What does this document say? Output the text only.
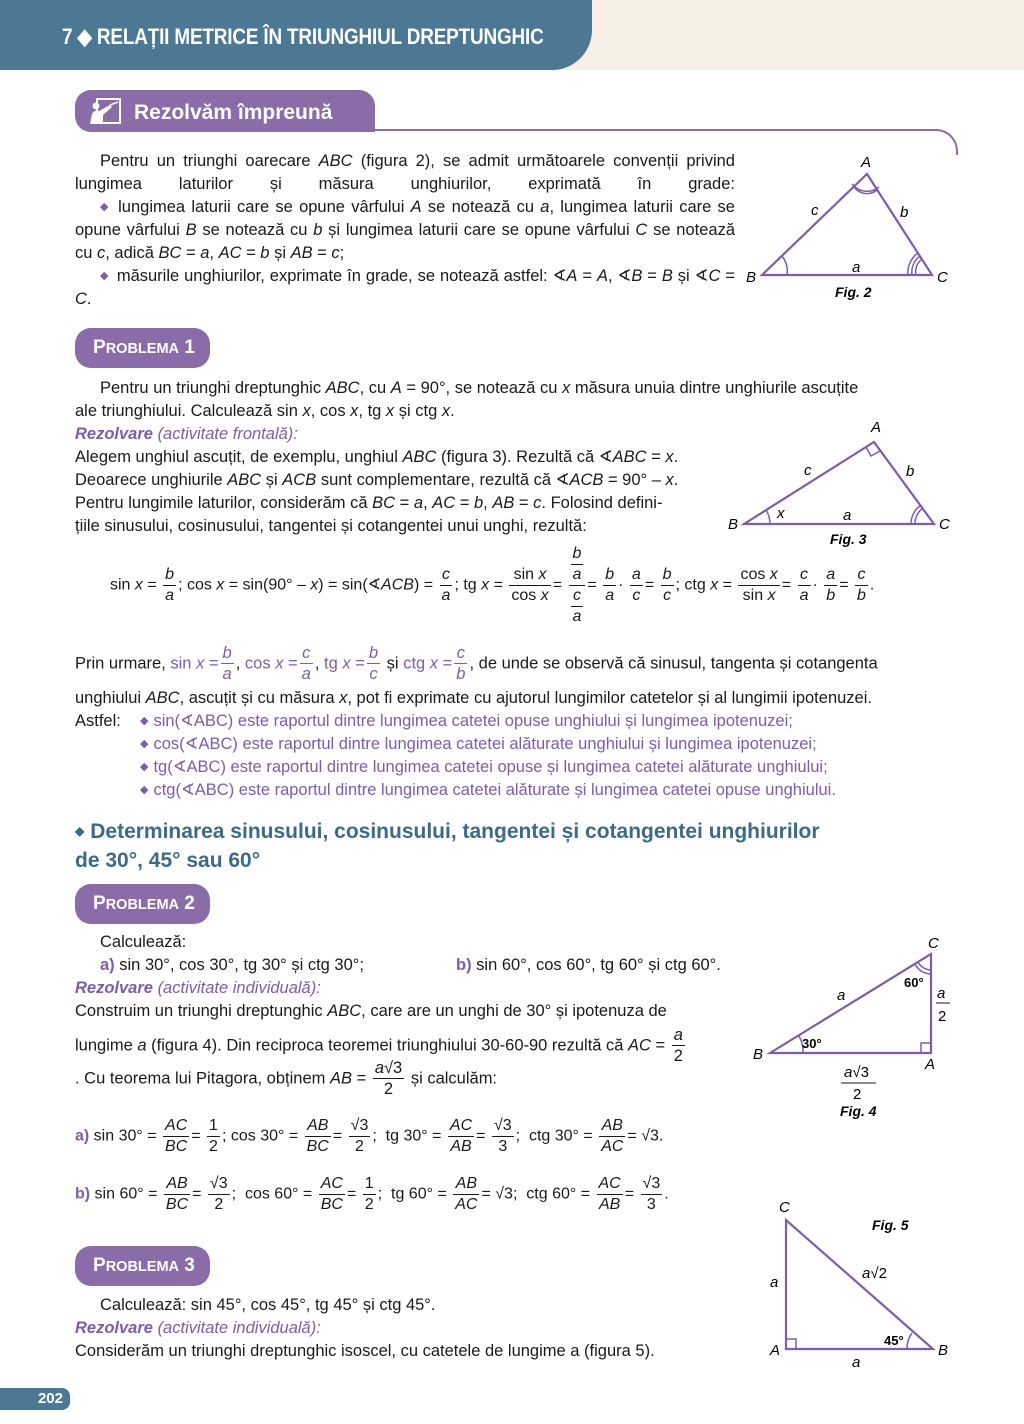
7 ◆ RELAȚII METRICE ÎN TRIUNGHIUL DREPTUNGHIC
Rezolvăm împreună
Pentru un triunghi oarecare ABC (figura 2), se admit următoarele convenții privind lungimea laturilor și măsura unghiurilor, exprimată în grade:
◆ lungimea laturii care se opune vârfului A se notează cu a, lungimea laturii care se opune vârfului B se notează cu b și lungimea laturii care se opune vârfului C se notează cu c, adică BC = a, AC = b și AB = c;
◆ măsurile unghiurilor, exprimate în grade, se notează astfel: ∢A = A, ∢B = B și ∢C = C.
A
B	C
c	b
a
Fig. 2
PROBLEMA 1
Pentru un triunghi dreptunghic ABC, cu A = 90°, se notează cu x măsura unuia dintre unghiurile ascuțite
ale triunghiului. Calculează sin x, cos x, tg x și ctg x.
Rezolvare (activitate frontală):
Alegem unghiul ascuțit, de exemplu, unghiul ABC (figura 3). Rezultă că ∢ABC = x.
Deoarece unghiurile ABC și ACB sunt complementare, rezultă că ∢ACB = 90° – x.
Pentru lungimile laturilor, considerăm că BC = a, AC = b, AB = c. Folosind defini-
țiile sinusului, cosinusului, tangentei și cotangentei unui unghi, rezultă:
A
B	C
c	b
a
x
Fig. 3
$\sin x = \frac{b}{a}$ ; cos x = sin(90° – x) = sin(∢ACB) = $\frac{c}{a}$ ; tg $x = \frac{\text{sin x}}{\text{cos x}} = \frac{\frac{b}{a}}{\frac{c}{a}} = \frac{b}{a} \cdot \frac{a}{c} = \frac{b}{c}$ ; ctg $x = \frac{\text{cos x}}{\text{sin x}} = \frac{c}{a} \cdot \frac{a}{b} = \frac{c}{b}$ .
Prin urmare, $\sin x = \frac{b}{a}$ , $\cos x = \frac{c}{a}$ , tg $x = \frac{b}{c}$ și ctg $x = \frac{c}{b}$ , de unde se observă că sinusul, tangenta și cotangenta
unghiului ABC, ascuțit și cu măsura x, pot fi exprimate cu ajutorul lungimilor catetelor și al lungimii ipotenuzei.
Astfel: ◆ sin(∢ABC) este raportul dintre lungimea catetei opuse unghiului și lungimea ipotenuzei;
◆ cos(∢ABC) este raportul dintre lungimea catetei alăturate unghiului și lungimea ipotenuzei;
◆ tg(∢ABC) este raportul dintre lungimea catetei opuse și lungimea catetei alăturate unghiului;
◆ ctg(∢ABC) este raportul dintre lungimea catetei alăturate și lungimea catetei opuse unghiului.
◆ Determinarea sinusului, cosinusului, tangentei și cotangentei unghiurilor
de 30°, 45° sau 60°
PROBLEMA 2
Calculează:
a) sin 30°, cos 30°, tg 30° și ctg 30°;	b) sin 60°, cos 60°, tg 60° și ctg 60°.
Rezolvare (activitate individuală):
Construim un triunghi dreptunghic ABC, care are un unghi de 30° și ipotenuza de
lungime a (figura 4). Din reciproca teoremei triunghiului 30-60-90 rezultă că AC = $\frac{a}{2}$
. Cu teorema lui Pitagora, obținem AB = $\frac{a√3}{2}$ și calculăm:
a) $\sin 30^\circ = \frac{AC}{BC} = \frac{1}{2}$ ; $\cos 30^\circ = \frac{AB}{BC} = \frac{√3}{2}$ ;  tg $30^\circ = \frac{AC}{AB} = \frac{√3}{3}$ ;  ctg $30^\circ = \frac{AB}{AC} = √3$.
b) $\sin 60^\circ = \frac{AB}{BC} = \frac{√3}{2}$ ;  $\cos 60^\circ = \frac{AC}{BC} = \frac{1}{2}$ ;  tg $60^\circ = \frac{AB}{AC} = √3$;  ctg $60^\circ = \frac{AC}{AB} = \frac{√3}{3}$ .
C
B
A
a
60°
30°
a
2
a√3
2
Fig. 4
PROBLEMA 3
Calculează: sin 45°, cos 45°, tg 45° și ctg 45°.
Rezolvare (activitate individuală):
Considerăm un triunghi dreptunghic isoscel, cu catetele de lungime a (figura 5).
C
A	B
a
a
a√2
45°
Fig. 5
202
